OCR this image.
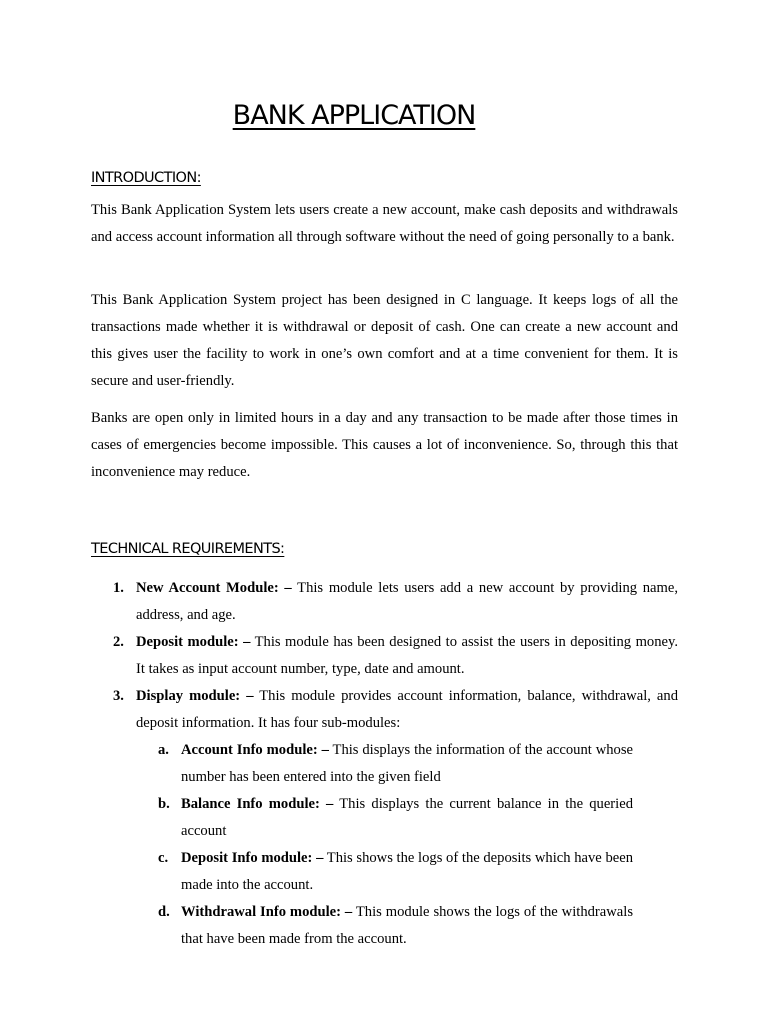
BANK APPLICATION
INTRODUCTION:

This Bank Application System lets users create a new account, make cash deposits and withdrawals and access account information all through software without the need of going personally to a bank.

This Bank Application System project has been designed in C language. It keeps logs of all the transactions made whether it is withdrawal or deposit of cash. One can create a new account and this gives user the facility to work in one’s own comfort and at a time convenient for them. It is secure and user-friendly.

Banks are open only in limited hours in a day and any transaction to be made after those times in cases of emergencies become impossible. This causes a lot of inconvenience. So, through this that inconvenience may reduce.

TECHNICAL REQUIREMENTS:
1. New Account Module: – This module lets users add a new account by providing name, address, and age.
2. Deposit module: – This module has been designed to assist the users in depositing money. It takes as input account number, type, date and amount.
3. Display module: – This module provides account information, balance, withdrawal, and deposit information. It has four sub-modules:
a. Account Info module: – This displays the information of the account whose number has been entered into the given field
b. Balance Info module: – This displays the current balance in the queried account
c. Deposit Info module: – This shows the logs of the deposits which have been made into the account.
d. Withdrawal Info module: – This module shows the logs of the withdrawals that have been made from the account.
